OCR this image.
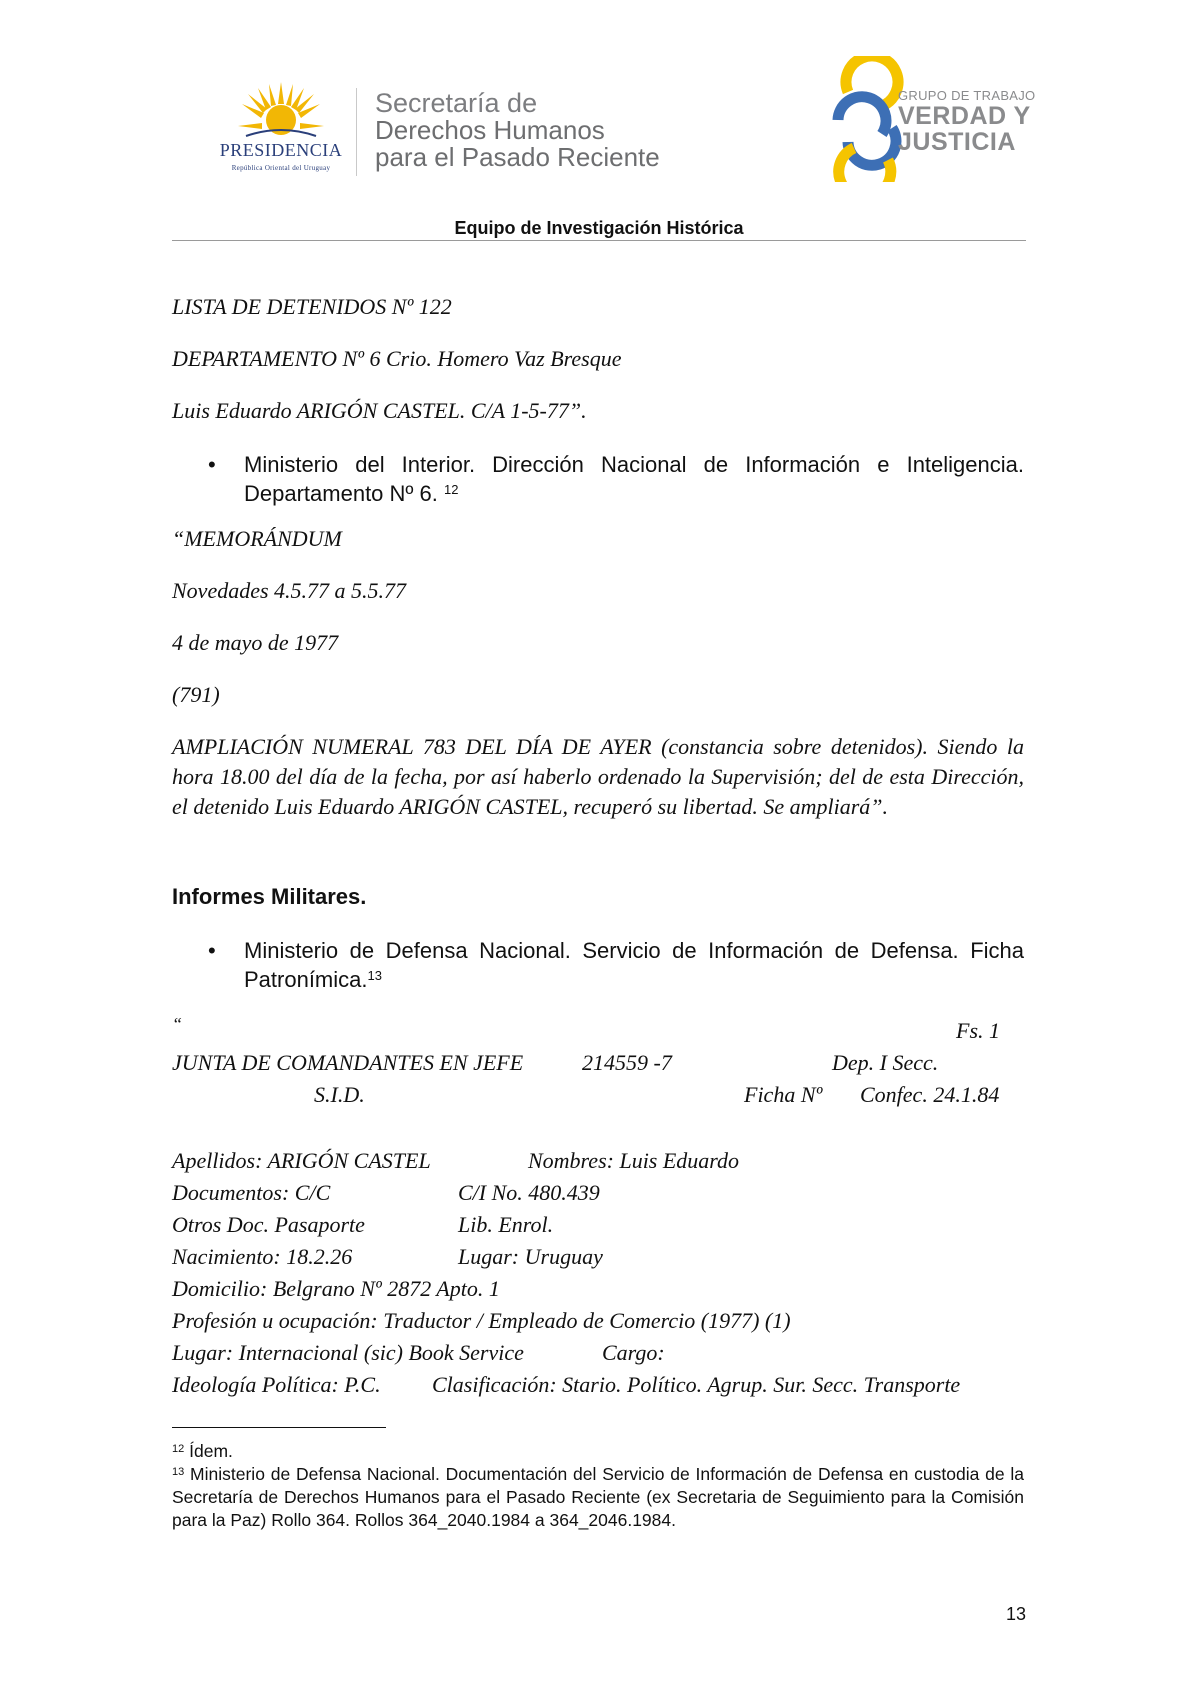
PRESIDENCIA
República Oriental del Uruguay
Secretaría de
Derechos Humanos
para el Pasado Reciente
GRUPO DE TRABAJO
VERDAD Y
JUSTICIA
Equipo de Investigación Histórica
LISTA DE DETENIDOS Nº 122
DEPARTAMENTO Nº 6 Crio. Homero Vaz Bresque
Luis Eduardo ARIGÓN CASTEL. C/A 1-5-77”.
• Ministerio del Interior. Dirección Nacional de Información e Inteligencia. Departamento Nº 6. $^{12}$
“MEMORÁNDUM
Novedades 4.5.77 a 5.5.77
4 de mayo de 1977
(791)
AMPLIACIÓN NUMERAL 783 DEL DÍA DE AYER (constancia sobre detenidos). Siendo la hora 18.00 del día de la fecha, por así haberlo ordenado la Supervisión; del de esta Dirección, el detenido Luis Eduardo ARIGÓN CASTEL, recuperó su libertad. Se ampliará”.
Informes Militares.
• Ministerio de Defensa Nacional. Servicio de Información de Defensa. Ficha Patronímica.$^{13}$
“	Fs. 1
JUNTA DE COMANDANTES EN JEFE	214559 -7	Dep. I Secc.
S.I.D.	Ficha Nº Confec. 24.1.84
Apellidos: ARIGÓN CASTEL	Nombres: Luis Eduardo
Documentos: C/C	C/I No. 480.439
Otros Doc. Pasaporte	Lib. Enrol.
Nacimiento: 18.2.26	Lugar: Uruguay
Domicilio: Belgrano Nº 2872 Apto. 1
Profesión u ocupación: Traductor / Empleado de Comercio (1977) (1)
Lugar: Internacional (sic) Book Service	Cargo:
Ideología Política: P.C. Clasificación: Stario. Político. Agrup. Sur. Secc. Transporte
$^{12}$ Ídem.
$^{13}$ Ministerio de Defensa Nacional. Documentación del Servicio de Información de Defensa en custodia de la Secretaría de Derechos Humanos para el Pasado Reciente (ex Secretaria de Seguimiento para la Comisión para la Paz) Rollo 364. Rollos 364_2040.1984 a 364_2046.1984.
13
